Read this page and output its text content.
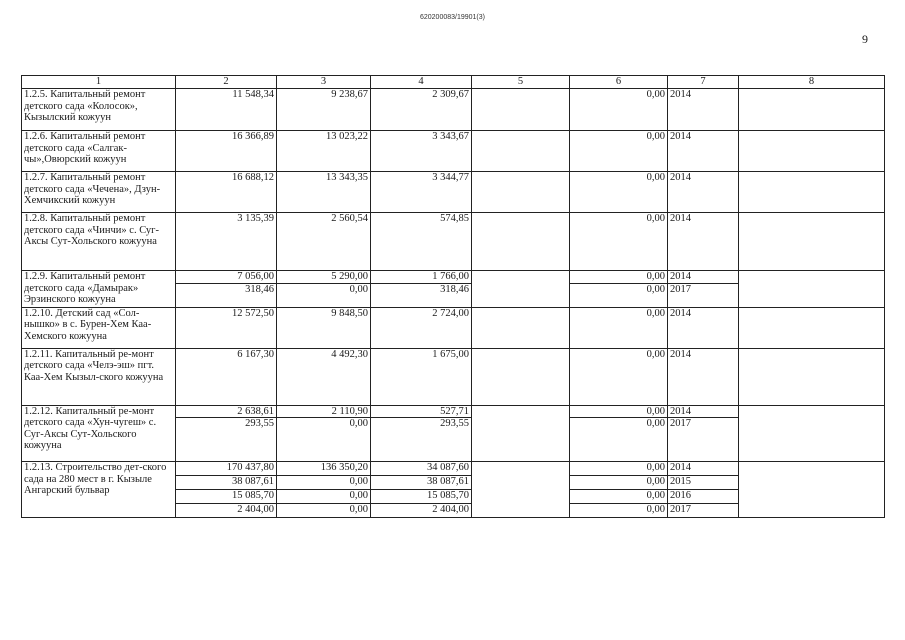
620200083/19901(3)
9
1	2	3	4	5	6	7	8
1.2.5. Капитальный ремонт детского сада «Колосок», Кызылский кожуун	11 548,34	9 238,67	2 309,67		0,00	2014	
1.2.6. Капитальный ремонт детского сада «Салгак-чы»,Овюрский кожуун	16 366,89	13 023,22	3 343,67		0,00	2014	
1.2.7. Капитальный ремонт детского сада «Чечена», Дзун-Хемчикский кожуун	16 688,12	13 343,35	3 344,77		0,00	2014	
1.2.8. Капитальный ремонт детского сада «Чинчи» с. Суг-Аксы Сут-Хольского кожууна	3 135,39	2 560,54	574,85		0,00	2014	
1.2.9. Капитальный ремонт детского сада «Дамырак» Эрзинского кожууна	7 056,00	5 290,00	1 766,00		0,00	2014	
	318,46	0,00	318,46		0,00	2017	
1.2.10. Детский сад «Сол-нышко» в с. Бурен-Хем Каа-Хемского кожууна	12 572,50	9 848,50	2 724,00		0,00	2014	
1.2.11. Капитальный ре-монт детского сада «Челэ-эш» пгт. Каа-Хем Кызыл-ского кожууна	6 167,30	4 492,30	1 675,00		0,00	2014	
1.2.12. Капитальный ре-монт детского сада «Хун-чугеш» с. Суг-Аксы Сут-Хольского кожууна	2 638,61	2 110,90	527,71		0,00	2014	
	293,55	0,00	293,55		0,00	2017	
1.2.13. Строительство дет-ского сада на 280 мест в г. Кызыле Ангарский бульвар	170 437,80	136 350,20	34 087,60		0,00	2014	
	38 087,61	0,00	38 087,61		0,00	2015	
	15 085,70	0,00	15 085,70		0,00	2016	
	2 404,00	0,00	2 404,00		0,00	2017	
